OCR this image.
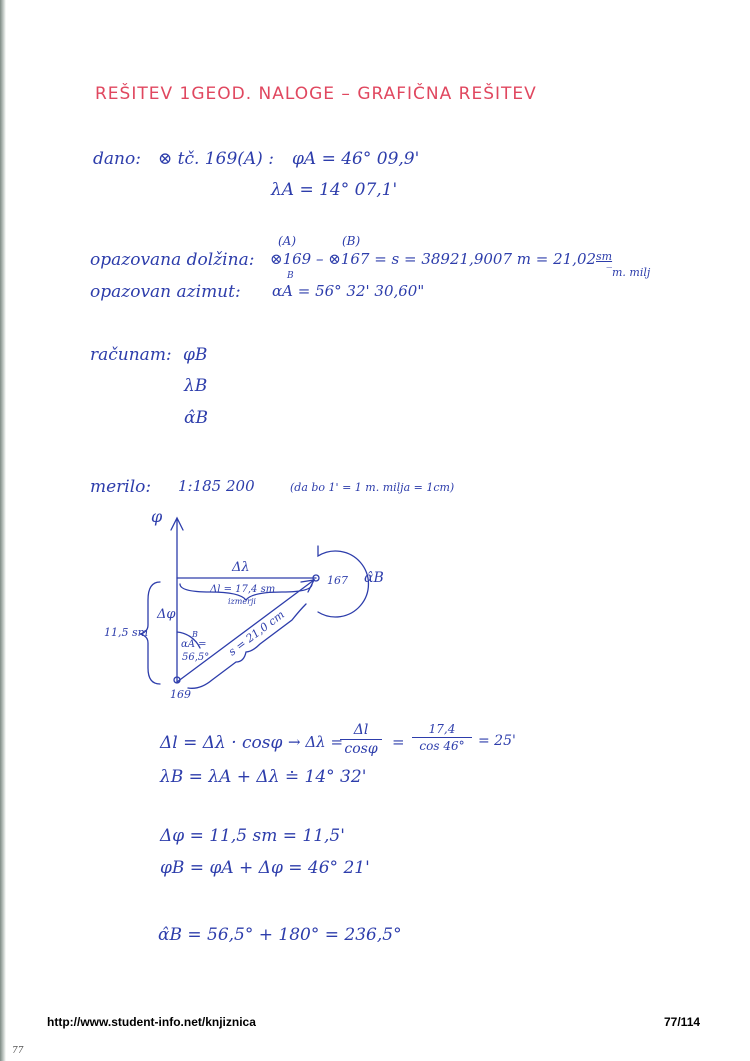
REŠITEV 1GEOD. NALOGE – GRAFIČNA REŠITEV
dano: ⊗ tč. 169(A) : φA = 46° 09,9'
λA = 14° 07,1'
(A)	(B)
opazovana dolžina: ⊗169 – ⊗167 = s = 38921,9007 m = 21,02 sm
̅m. milj
B
opazovan azimut: αA = 56° 32' 30,60"
računam: φB
λB
α̂B
merilo: 1:185 200	(da bo 1' = 1 m. milja = 1cm)
φ
Δλ
Δl = 17,4 sm
izmerji
Δφ
11,5 sm	B
αA =
56,5° s = 21,0 cm
169
167 α̂B
Δl = Δλ · cosφ → Δλ =
$\frac{\Delta l}{\cos\varphi} = \frac{17,4}{\cos 46^\circ} = 25'$
λB = λA + Δλ ≐ 14° 32'
Δφ = 11,5 sm = 11,5'
φB = φA + Δφ = 46° 21'
α̂B = 56,5° + 180° = 236,5°
http://www.student-info.net/knjiznica	77/114
77
